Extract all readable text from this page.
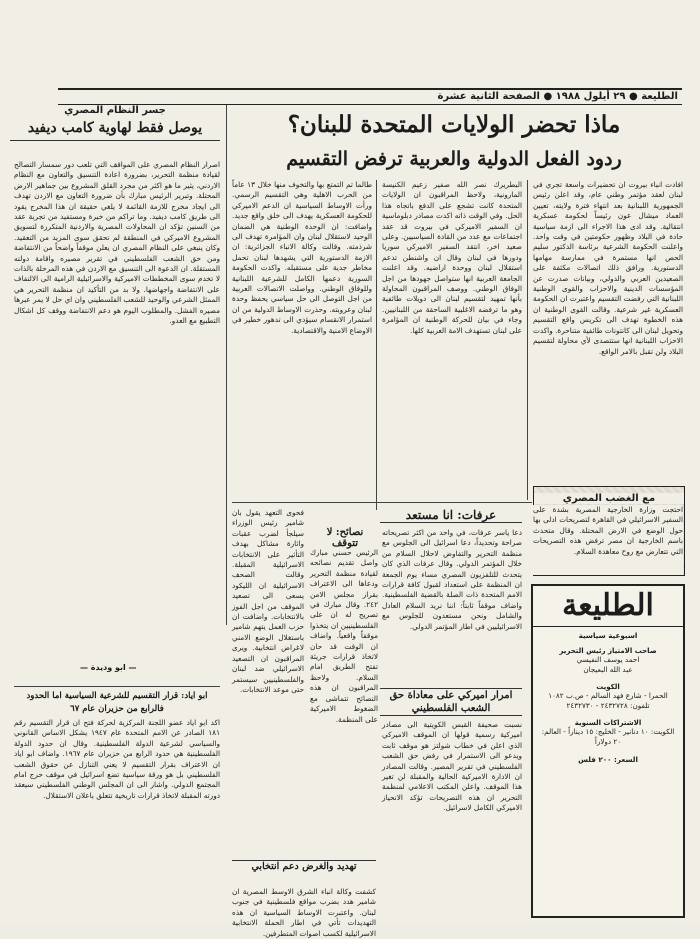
الطليعة ● ٢٩ أيلول ١٩٨٨ ● الصفحة الثانية عشرة
جسر النظام المصري
يوصل فقط لهاوية كامب ديفيد	ماذا تحضر الولايات المتحدة للبنان؟
ردود الفعل الدولية والعربية ترفض التقسيم
اصرار النظام المصري على المواقف التي تلعب دور سمسار التصالح لقيادة منظمة التحرير، بضرورة اعادة التنسيق والتعاون مع النظام الاردني، يثير ما هو اكثر من مجرد القلق المشروع بين جماهير الارض المحتلة. وتبرير الرئيس مبارك بأن ضرورة التعاون مع الاردن تهدف الى ايجاد مخرج للازمة القائمة لا يلغي حقيقة ان هذا المخرج يقود الى طريق كامب ديفيد. وما تراكم من خبرة ومستفيد من تجربة عقد من السنين تؤكد ان المحاولات المصرية والاردنية المتكررة لتسويق المشروع الاميركي في المنطقة لم تحقق سوى المزيد من التعقيد. وكان ينبغي على النظام المصري ان يعلن موقفاً واضحاً من الانتفاضة ومن حق الشعب الفلسطيني في تقرير مصيره واقامة دولته المستقلة. ان الدعوة الى التنسيق مع الاردن في هذه المرحلة بالذات لا تخدم سوى المخططات الاميركية والاسرائيلية الرامية الى الالتفاف على الانتفاضة واجهاضها. ولا بد من التأكيد ان منظمة التحرير هي الممثل الشرعي والوحيد للشعب الفلسطيني وان اي حل لا يمر عبرها مصيره الفشل. والمطلوب اليوم هو دعم الانتفاضة ووقف كل اشكال التطبيع مع العدو.
— ابو وديدة —
افادت انباء بيروت ان تحضيرات واسعة تجري في لبنان لعقد مؤتمر وطني عام، وقد اعلن رئيس الجمهورية اللبنانية بعد انتهاء فترة ولايته، تعيين العماد ميشال عون رئيساً لحكومة عسكرية انتقالية. وقد ادى هذا الاجراء الى ازمة سياسية حادة في البلاد وظهور حكومتين في وقت واحد. واعلنت الحكومة الشرعية برئاسة الدكتور سليم الحص انها مستمرة في ممارسة مهامها الدستورية. ورافق ذلك اتصالات مكثفة على الصعيدين العربي والدولي، وبيانات صدرت عن المؤسسات الدينية والاحزاب والقوى الوطنية اللبنانية التي رفضت التقسيم واعتبرت ان الحكومة العسكرية غير شرعية. وقالت القوى الوطنية ان هذه الخطوة تهدف الى تكريس واقع التقسيم وتحويل لبنان الى كانتونات طائفية متناحرة. واكدت الاحزاب اللبنانية انها ستتصدى لأي محاولة لتقسيم البلاد ولن تقبل بالامر الواقع.
البطريرك نصر الله صفير زعيم الكنيسة المارونية، ولاحظ المراقبون ان الولايات المتحدة كانت تشجع على الدفع باتجاه هذا الحل. وفي الوقت ذاته اكدت مصادر دبلوماسية ان السفير الاميركي في بيروت قد عقد اجتماعات مع عدد من القادة السياسيين. وعلى صعيد اخر، انتقد السفير الاميركي سوريا ودورها في لبنان وقال ان واشنطن تدعم استقلال لبنان ووحدة اراضيه. وقد اعلنت الجامعة العربية انها ستواصل جهودها من اجل الوفاق الوطني. ووصف المراقبون المحاولة بأنها تمهيد لتقسيم لبنان الى دويلات طائفية وهو ما ترفضه الاغلبية الساحقة من اللبنانيين. وجاء في بيان للحركة الوطنية ان المؤامرة على لبنان تستهدف الامة العربية كلها.
طالما تم التمتع بها والتخوف منها خلال ١٣ عاماً من الحرب الاهلية وهي التقسيم الرسمي. ورأت الاوساط السياسية ان الدعم الاميركي للحكومة العسكرية يهدف الى خلق واقع جديد. واضافت: ان الوحدة الوطنية هي الضمان الوحيد لاستقلال لبنان وان المؤامرة تهدف الى شرذمته. وقالت وكالة الانباء الجزائرية: ان الازمة الدستورية التي يشهدها لبنان تحمل مخاطر جدية على مستقبله. واكدت الحكومة السورية دعمها الكامل للشرعية اللبنانية وللوفاق الوطني. وواصلت الاتصالات العربية من اجل التوصل الى حل سياسي يحفظ وحدة لبنان وعروبته. وحذرت الاوساط الدولية من ان استمرار الانقسام سيؤدي الى تدهور خطير في الاوضاع الامنية والاقتصادية.
مع الغضب المصري
احتجت وزارة الخارجية المصرية بشدة على السفير الاسرائيلي في القاهرة لتصريحات ادلى بها حول الوضع في الارض المحتلة. وقال متحدث باسم الخارجية ان مصر ترفض هذه التصريحات التي تتعارض مع روح معاهدة السلام.
عرفات: انا مستعد
دعا ياسر عرفات، في واحد من اكثر تصريحاته صراحة وتحديداً، دعا اسرائيل الى الجلوس مع منظمة التحرير والتفاوض لاحلال السلام من خلال المؤتمر الدولي. وقال عرفات الذي كان يتحدث للتلفزيون المصري مساء يوم الجمعة ان المنظمة على استعداد لقبول كافة قرارات الامم المتحدة ذات الصلة بالقضية الفلسطينية. واضاف موقفاً ثابتاً: اننا نريد السلام العادل والشامل ونحن مستعدون للجلوس مع الاسرائيليين في اطار المؤتمر الدولي.
نصائح: لا تتوقف
الرئيس حسني مبارك واصل تقديم نصائحه لقيادة منظمة التحرير ودعاها الى الاعتراف بقرار مجلس الامن ٢٤٢. وقال مبارك في تصريح له ان على الفلسطينيين ان يتخذوا موقفاً واقعياً. واضاف ان الوقت قد حان لاتخاذ قرارات جريئة تفتح الطريق امام السلام. ولاحظ المراقبون ان هذه النصائح تتماشى مع الضغوط الاميركية على المنظمة.
فحوى التعهد يقول بان شامير رئيس الوزراء سيلجأ لضرب عقبات واثارة مشاكل بهدف التأثير على الانتخابات الاسرائيلية المقبلة. وقالت الصحف الاسرائيلية ان الليكود يسعى الى تصعيد الموقف من اجل الفوز بالانتخابات. واضافت ان حزب العمل يتهم شامير باستغلال الوضع الامني لاغراض انتخابية. ويرى المراقبون ان التصعيد الاسرائيلي ضد لبنان والفلسطينيين سيستمر حتى موعد الانتخابات.
امرار اميركي على معاداة حق الشعب الفلسطيني
نسبت صحيفة القبس الكويتية الى مصادر اميركية رسمية قولها ان الموقف الاميركي الذي اعلن في خطاب شولتز هو موقف ثابت ويدعو الى الاستمرار في رفض حق الشعب الفلسطيني في تقرير المصير. وقالت المصادر ان الادارة الاميركية الحالية والمقبلة لن تغير هذا الموقف. واعلن المكتب الاعلامي لمنظمة التحرير ان هذه التصريحات تؤكد الانحياز الاميركي الكامل لاسرائيل.
تهديد والغرض دعم انتخابي
كشفت وكالة انباء الشرق الاوسط المصرية ان شامير هدد بضرب مواقع فلسطينية في جنوب لبنان. واعتبرت الاوساط السياسية ان هذه التهديدات تأتي في اطار الحملة الانتخابية الاسرائيلية لكسب اصوات المتطرفين.
ابو اياد: قرار التقسيم للشرعية السياسية اما الحدود فالرابع من حزيران عام ٦٧
اكد ابو اياد عضو اللجنة المركزية لحركة فتح ان قرار التقسيم رقم ١٨١ الصادر عن الامم المتحدة عام ١٩٤٧ يشكل الاساس القانوني والسياسي لشرعية الدولة الفلسطينية. وقال ان حدود الدولة الفلسطينية هي حدود الرابع من حزيران عام ١٩٦٧. واضاف ابو اياد ان الاعتراف بقرار التقسيم لا يعني التنازل عن حقوق الشعب الفلسطيني بل هو ورقة سياسية تضع اسرائيل في موقف حرج امام المجتمع الدولي. واشار الى ان المجلس الوطني الفلسطيني سيعقد دورته المقبلة لاتخاذ قرارات تاريخية تتعلق باعلان الاستقلال.
الطليعة
اسبوعية سياسية
صاحب الامتياز رئيس التحرير
احمد يوسف النفيسي
عبد الله البعيجان
الكويت
الحمرا - شارع فهد السالم - ص.ب ١٠٨٢
تلفون: ٢٤٣٢٧٢٨ - ٢٤٣٢٧٣٠
الاشتراكات السنوية
الكويت: ١٠ دنانير - الخليج: ١٥ ديناراً - العالم: ٢٠ دولاراً
السعر: ٢٠٠ فلس
